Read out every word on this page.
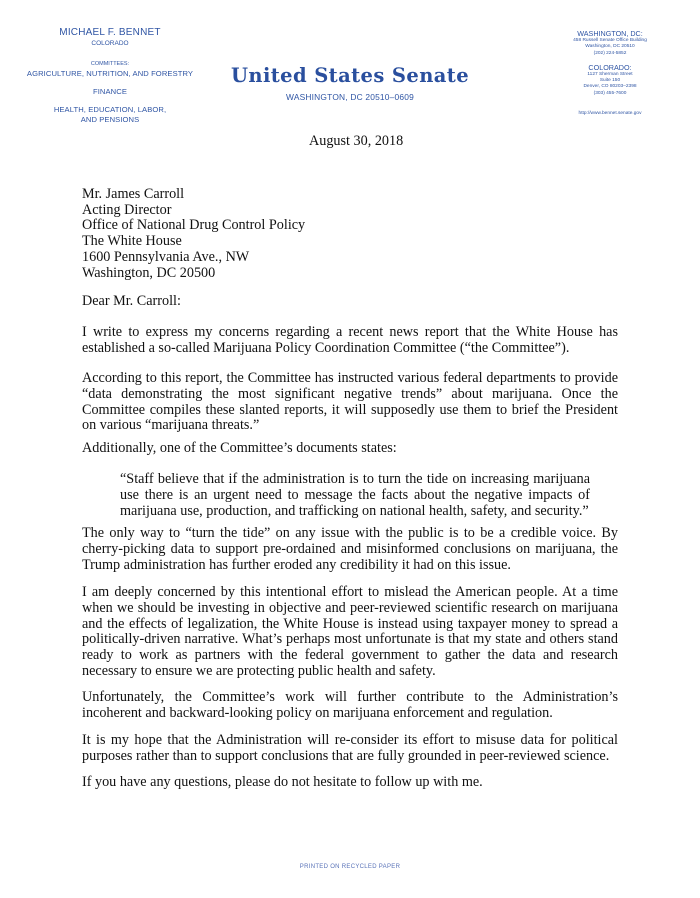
MICHAEL F. BENNET
COLORADO
COMMITTEES:
AGRICULTURE, NUTRITION, AND FORESTRY
FINANCE
HEALTH, EDUCATION, LABOR,
AND PENSIONS
United States Senate
WASHINGTON, DC 20510–0609
WASHINGTON, DC:
458 Russell Senate Office Building
Washington, DC 20510
(202) 224-5852
COLORADO:
1127 Sherman Street
Suite 150
Denver, CO 80203–2398
(303) 455-7600
http://www.bennet.senate.gov
August 30, 2018
Mr. James Carroll
Acting Director
Office of National Drug Control Policy
The White House
1600 Pennsylvania Ave., NW
Washington, DC 20500
Dear Mr. Carroll:

I write to express my concerns regarding a recent news report that the White House has established a so-called Marijuana Policy Coordination Committee (“the Committee”).

According to this report, the Committee has instructed various federal departments to provide “data demonstrating the most significant negative trends” about marijuana. Once the Committee compiles these slanted reports, it will supposedly use them to brief the President on various “marijuana threats.”

Additionally, one of the Committee’s documents states:

“Staff believe that if the administration is to turn the tide on increasing marijuana use there is an urgent need to message the facts about the negative impacts of marijuana use, production, and trafficking on national health, safety, and security.”

The only way to “turn the tide” on any issue with the public is to be a credible voice. By cherry-picking data to support pre-ordained and misinformed conclusions on marijuana, the Trump administration has further eroded any credibility it had on this issue.

I am deeply concerned by this intentional effort to mislead the American people. At a time when we should be investing in objective and peer-reviewed scientific research on marijuana and the effects of legalization, the White House is instead using taxpayer money to spread a politically-driven narrative. What’s perhaps most unfortunate is that my state and others stand ready to work as partners with the federal government to gather the data and research necessary to ensure we are protecting public health and safety.

Unfortunately, the Committee’s work will further contribute to the Administration’s incoherent and backward-looking policy on marijuana enforcement and regulation.

It is my hope that the Administration will re-consider its effort to misuse data for political purposes rather than to support conclusions that are fully grounded in peer-reviewed science.

If you have any questions, please do not hesitate to follow up with me.

PRINTED ON RECYCLED PAPER
